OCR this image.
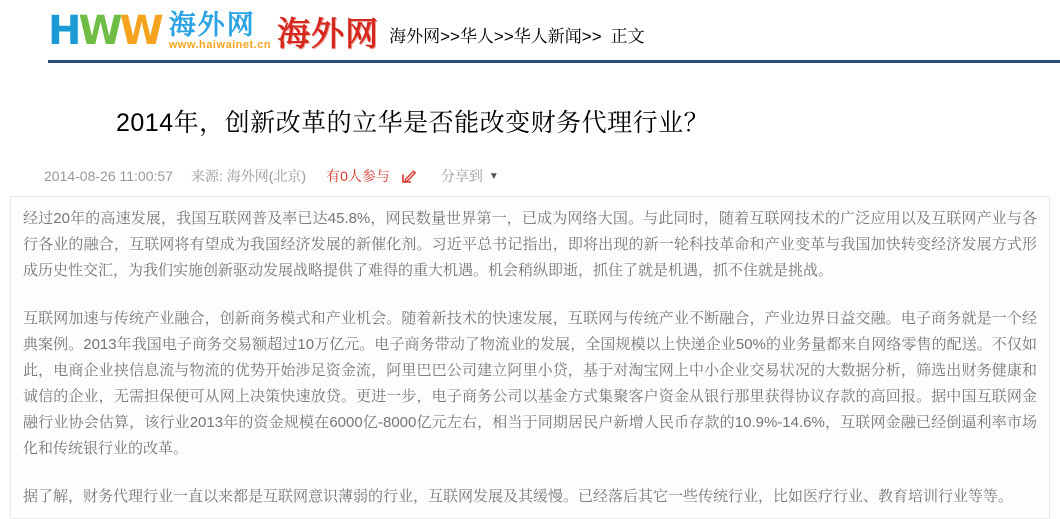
HWW 海外网
www.haiwainet.cn 海外网 海外网>>华人>>华人新闻>> 正文
2014年，创新改革的立华是否能改变财务代理行业？
2014-08-26 11:00:57 来源: 海外网(北京) 有0人参与	分享到 ▼

经过20年的高速发展，我国互联网普及率已达45.8%，网民数量世界第一，已成为网络大国。与此同时，随着互联网技术的广泛应用以及互联网产业与各行各业的融合，互联网将有望成为我国经济发展的新催化剂。习近平总书记指出，即将出现的新一轮科技革命和产业变革与我国加快转变经济发展方式形成历史性交汇，为我们实施创新驱动发展战略提供了难得的重大机遇。机会稍纵即逝，抓住了就是机遇，抓不住就是挑战。

互联网加速与传统产业融合，创新商务模式和产业机会。随着新技术的快速发展，互联网与传统产业不断融合，产业边界日益交融。电子商务就是一个经典案例。2013年我国电子商务交易额超过10万亿元。电子商务带动了物流业的发展，全国规模以上快递企业50%的业务量都来自网络零售的配送。不仅如此，电商企业挟信息流与物流的优势开始涉足资金流，阿里巴巴公司建立阿里小贷，基于对淘宝网上中小企业交易状况的大数据分析，筛选出财务健康和诚信的企业，无需担保便可从网上决策快速放贷。更进一步，电子商务公司以基金方式集聚客户资金从银行那里获得协议存款的高回报。据中国互联网金融行业协会估算，该行业2013年的资金规模在6000亿-8000亿元左右，相当于同期居民户新增人民币存款的10.9%-14.6%，互联网金融已经倒逼利率市场化和传统银行业的改革。

据了解，财务代理行业一直以来都是互联网意识薄弱的行业，互联网发展及其缓慢。已经落后其它一些传统行业，比如医疗行业、教育培训行业等等。
